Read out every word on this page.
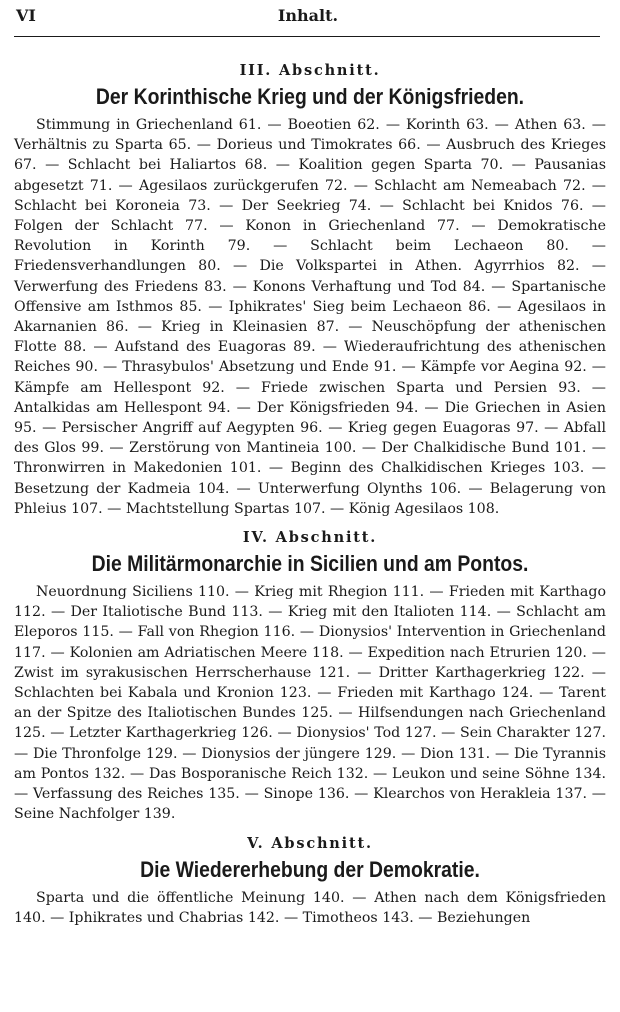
VI	Inhalt.
III. Abschnitt.
Der Korinthische Krieg und der Königsfrieden.
Stimmung in Griechenland 61. — Boeotien 62. — Korinth 63. — Athen 63. — Verhältnis zu Sparta 65. — Dorieus und Timokrates 66. — Ausbruch des Krieges 67. — Schlacht bei Haliartos 68. — Koalition gegen Sparta 70. — Pausanias abgesetzt 71. — Agesilaos zurückgerufen 72. — Schlacht am Nemeabach 72. — Schlacht bei Koroneia 73. — Der Seekrieg 74. — Schlacht bei Knidos 76. — Folgen der Schlacht 77. — Konon in Griechenland 77. — Demokratische Revolution in Korinth 79. — Schlacht beim Lechaeon 80. — Friedensverhandlungen 80. — Die Volkspartei in Athen. Agyrrhios 82. — Verwerfung des Friedens 83. — Konons Verhaftung und Tod 84. — Spartanische Offensive am Isthmos 85. — Iphikrates' Sieg beim Lechaeon 86. — Agesilaos in Akarnanien 86. — Krieg in Kleinasien 87. — Neuschöpfung der athenischen Flotte 88. — Aufstand des Euagoras 89. — Wiederaufrichtung des athenischen Reiches 90. — Thrasybulos' Absetzung und Ende 91. — Kämpfe vor Aegina 92. — Kämpfe am Hellespont 92. — Friede zwischen Sparta und Persien 93. — Antalkidas am Hellespont 94. — Der Königsfrieden 94. — Die Griechen in Asien 95. — Persischer Angriff auf Aegypten 96. — Krieg gegen Euagoras 97. — Abfall des Glos 99. — Zerstörung von Mantineia 100. — Der Chalkidische Bund 101. — Thronwirren in Makedonien 101. — Beginn des Chalkidischen Krieges 103. — Besetzung der Kadmeia 104. — Unterwerfung Olynths 106. — Belagerung von Phleius 107. — Machtstellung Spartas 107. — König Agesilaos 108.
IV. Abschnitt.
Die Militärmonarchie in Sicilien und am Pontos.
Neuordnung Siciliens 110. — Krieg mit Rhegion 111. — Frieden mit Karthago 112. — Der Italiotische Bund 113. — Krieg mit den Italioten 114. — Schlacht am Eleporos 115. — Fall von Rhegion 116. — Dionysios' Intervention in Griechenland 117. — Kolonien am Adriatischen Meere 118. — Expedition nach Etrurien 120. — Zwist im syrakusischen Herrscherhause 121. — Dritter Karthagerkrieg 122. — Schlachten bei Kabala und Kronion 123. — Frieden mit Karthago 124. — Tarent an der Spitze des Italiotischen Bundes 125. — Hilfsendungen nach Griechenland 125. — Letzter Karthagerkrieg 126. — Dionysios' Tod 127. — Sein Charakter 127. — Die Thronfolge 129. — Dionysios der jüngere 129. — Dion 131. — Die Tyrannis am Pontos 132. — Das Bosporanische Reich 132. — Leukon und seine Söhne 134. — Verfassung des Reiches 135. — Sinope 136. — Klearchos von Herakleia 137. — Seine Nachfolger 139.
V. Abschnitt.
Die Wiedererhebung der Demokratie.
Sparta und die öffentliche Meinung 140. — Athen nach dem Königsfrieden 140. — Iphikrates und Chabrias 142. — Timotheos 143. — Beziehungen
